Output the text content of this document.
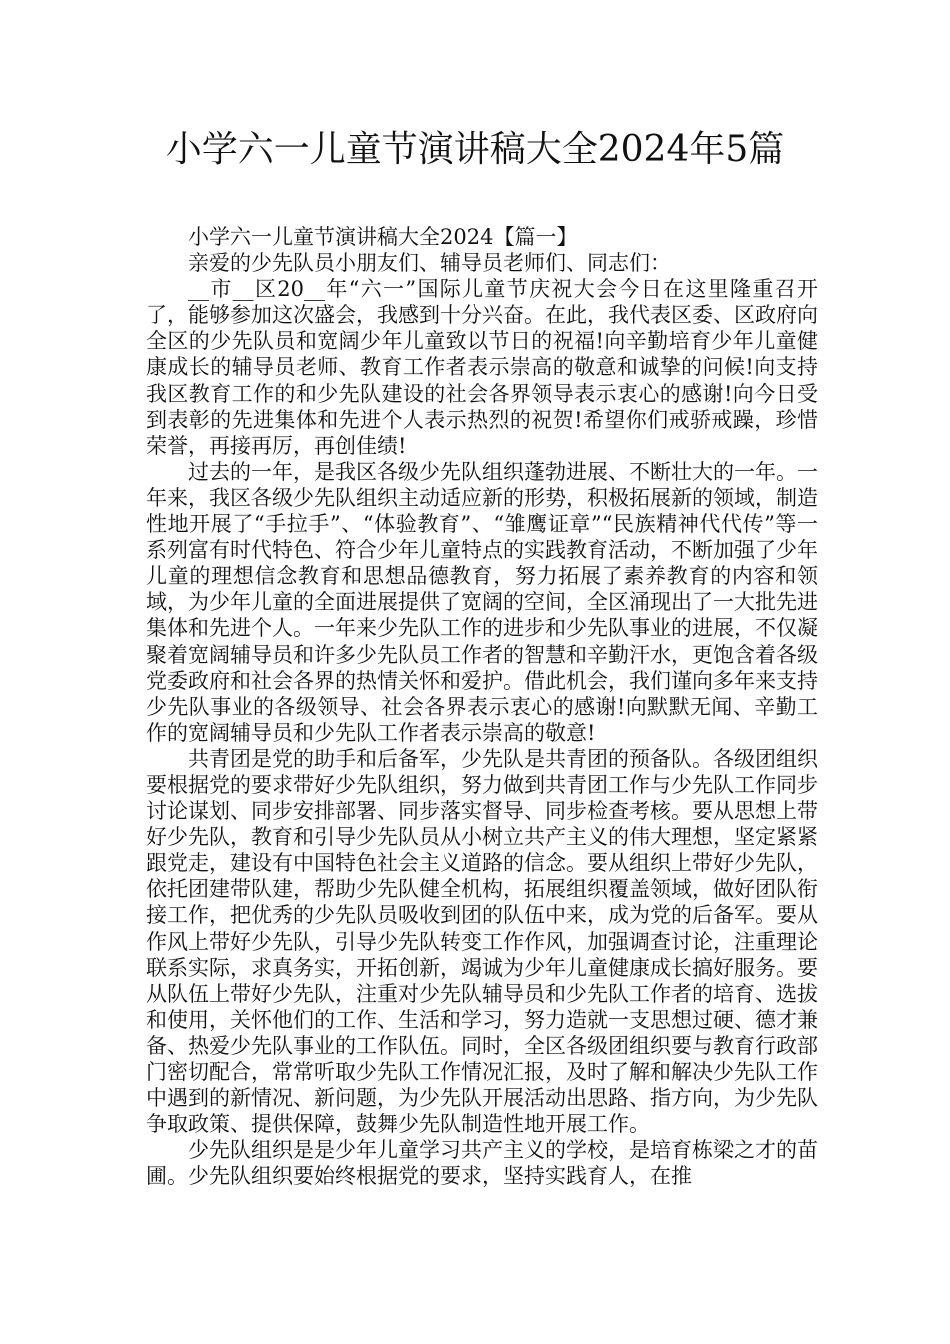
小学六一儿童节演讲稿大全2024年5篇

小学六一儿童节演讲稿大全2024【篇一】

亲爱的少先队员小朋友们、辅导员老师们、同志们：

__市__区20__年“六一”国际儿童节庆祝大会今日在这里隆重召开了，能够参加这次盛会，我感到十分兴奋。在此，我代表区委、区政府向全区的少先队员和宽阔少年儿童致以节日的祝福!向辛勤培育少年儿童健康成长的辅导员老师、教育工作者表示崇高的敬意和诚挚的问候!向支持我区教育工作的和少先队建设的社会各界领导表示衷心的感谢!向今日受到表彰的先进集体和先进个人表示热烈的祝贺!希望你们戒骄戒躁，珍惜荣誉，再接再厉，再创佳绩!

过去的一年，是我区各级少先队组织蓬勃进展、不断壮大的一年。一年来，我区各级少先队组织主动适应新的形势，积极拓展新的领域，制造性地开展了“手拉手”、“体验教育”、“雏鹰证章”“民族精神代代传”等一系列富有时代特色、符合少年儿童特点的实践教育活动，不断加强了少年儿童的理想信念教育和思想品德教育，努力拓展了素养教育的内容和领域，为少年儿童的全面进展提供了宽阔的空间，全区涌现出了一大批先进集体和先进个人。一年来少先队工作的进步和少先队事业的进展，不仅凝聚着宽阔辅导员和许多少先队员工作者的智慧和辛勤汗水，更饱含着各级党委政府和社会各界的热情关怀和爱护。借此机会，我们谨向多年来支持少先队事业的各级领导、社会各界表示衷心的感谢!向默默无闻、辛勤工作的宽阔辅导员和少先队工作者表示崇高的敬意!

共青团是党的助手和后备军，少先队是共青团的预备队。各级团组织要根据党的要求带好少先队组织，努力做到共青团工作与少先队工作同步讨论谋划、同步安排部署、同步落实督导、同步检查考核。要从思想上带好少先队，教育和引导少先队员从小树立共产主义的伟大理想，坚定紧紧跟党走，建设有中国特色社会主义道路的信念。要从组织上带好少先队，依托团建带队建，帮助少先队健全机构，拓展组织覆盖领域，做好团队衔接工作，把优秀的少先队员吸收到团的队伍中来，成为党的后备军。要从作风上带好少先队，引导少先队转变工作作风，加强调查讨论，注重理论联系实际，求真务实，开拓创新，竭诚为少年儿童健康成长搞好服务。要从队伍上带好少先队，注重对少先队辅导员和少先队工作者的培育、选拔和使用，关怀他们的工作、生活和学习，努力造就一支思想过硬、德才兼备、热爱少先队事业的工作队伍。同时，全区各级团组织要与教育行政部门密切配合，常常听取少先队工作情况汇报，及时了解和解决少先队工作中遇到的新情况、新问题，为少先队开展活动出思路、指方向，为少先队争取政策、提供保障，鼓舞少先队制造性地开展工作。

少先队组织是是少年儿童学习共产主义的学校，是培育栋梁之才的苗圃。少先队组织要始终根据党的要求，坚持实践育人，在推
